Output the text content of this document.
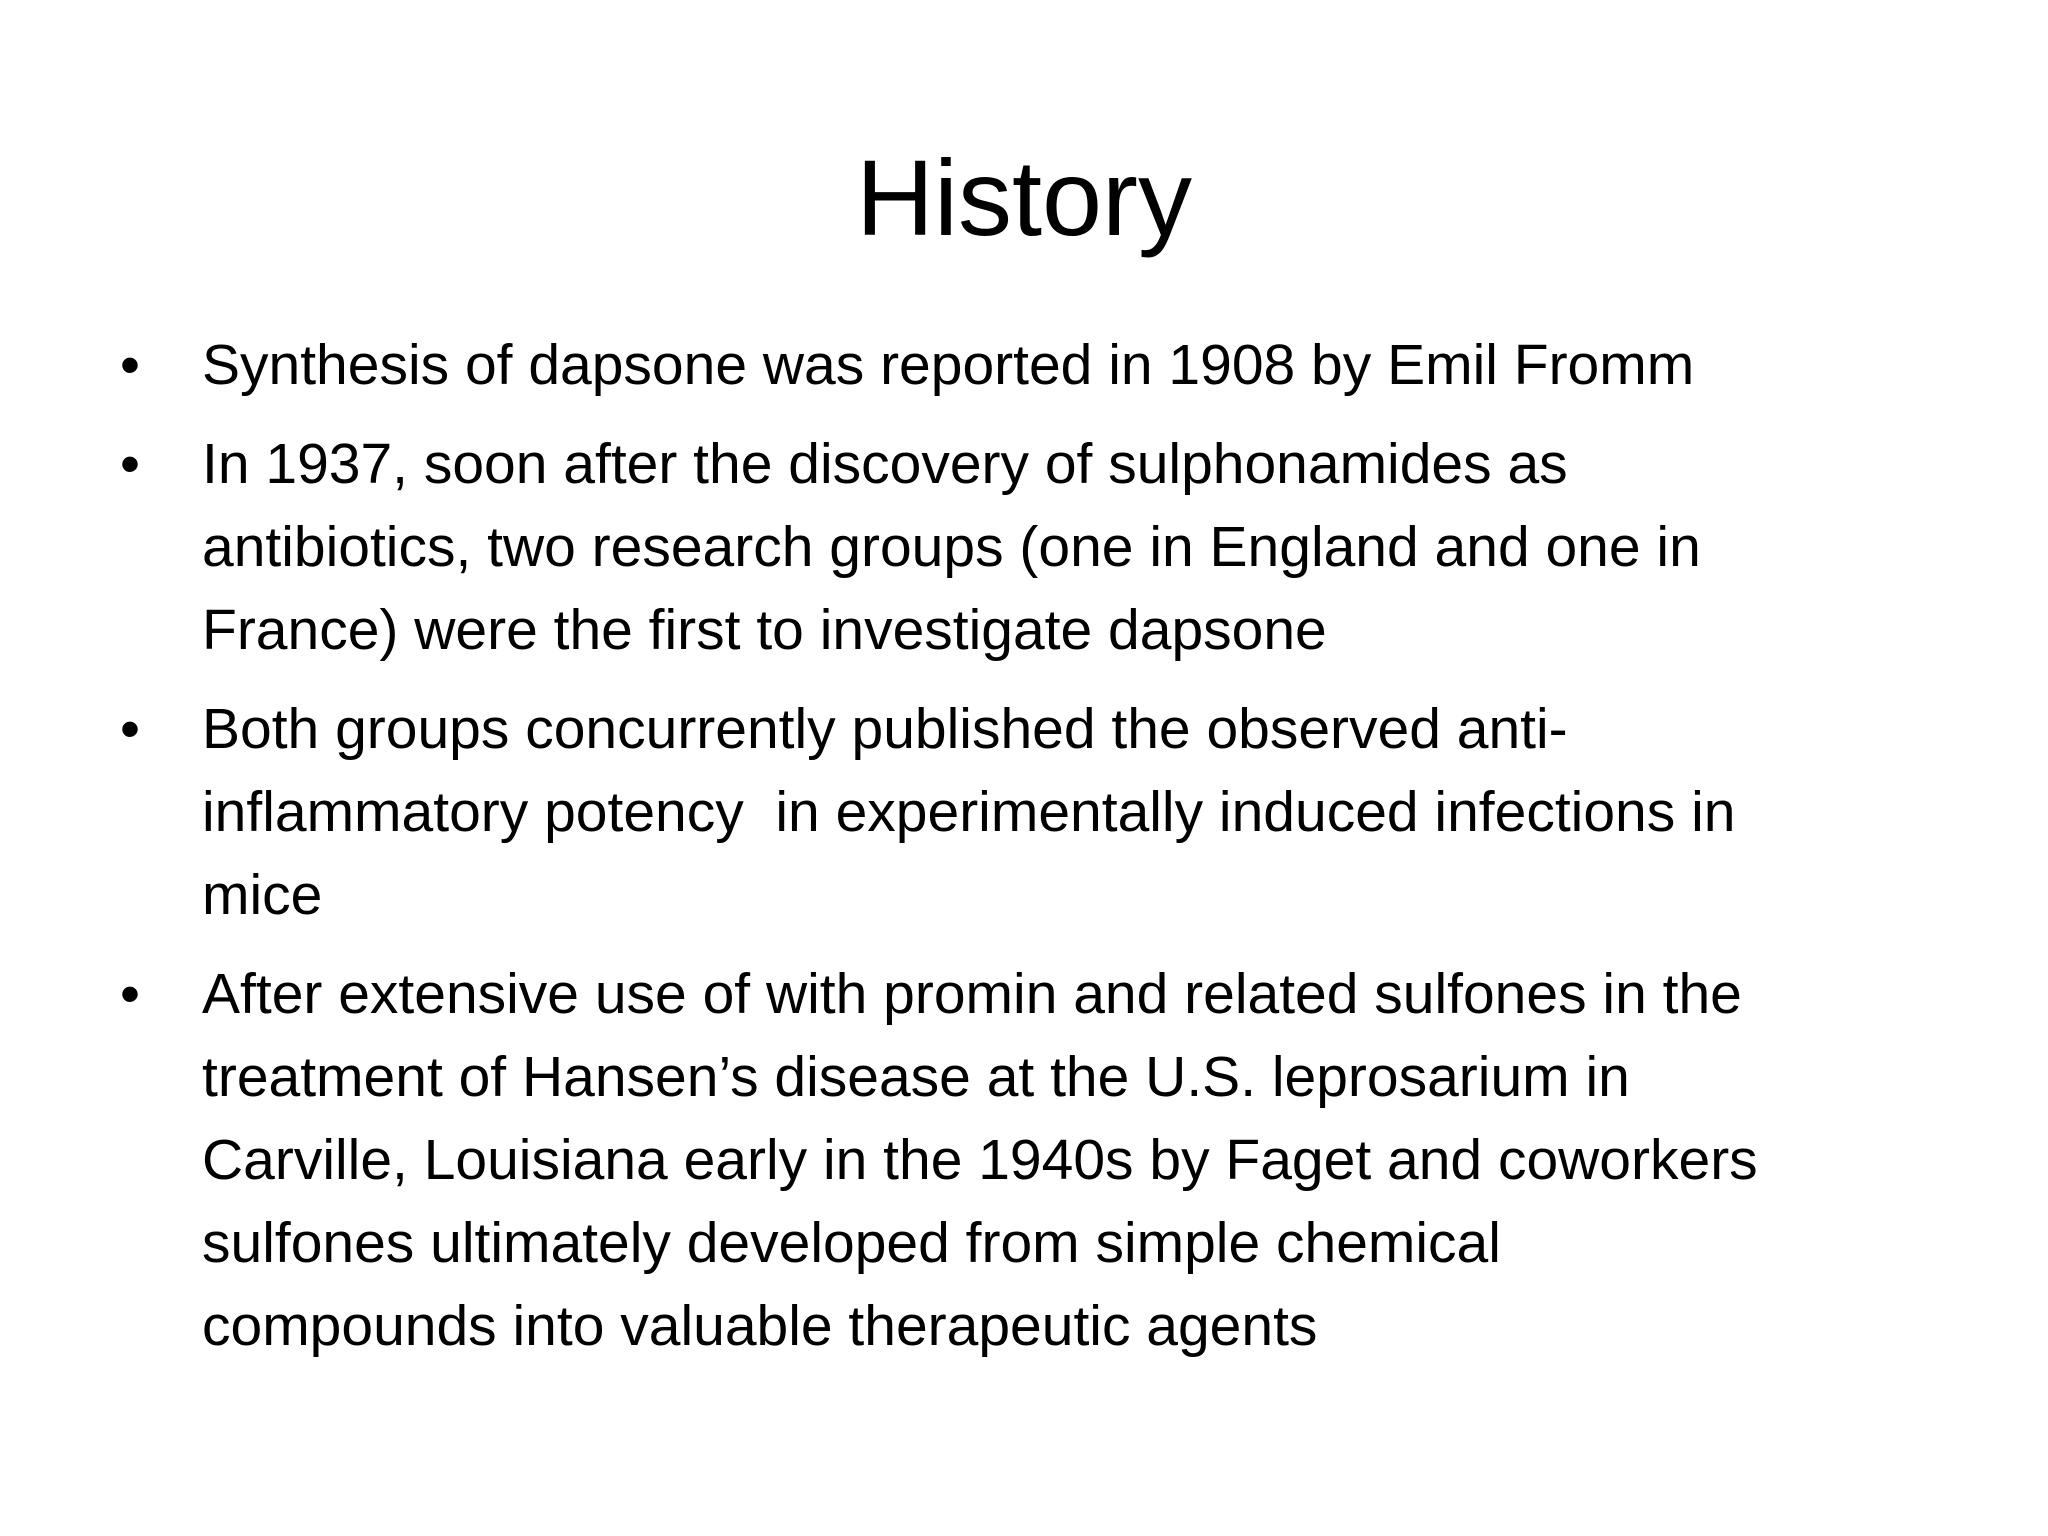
History
•	Synthesis of dapsone was reported in 1908 by Emil Fromm
•	In 1937, soon after the discovery of sulphonamides as
antibiotics, two research groups (one in England and one in
France) were the first to investigate dapsone
•	Both groups concurrently published the observed anti-
inflammatory potency  in experimentally induced infections in
mice
•	After extensive use of with promin and related sulfones in the
treatment of Hansen’s disease at the U.S. leprosarium in
Carville, Louisiana early in the 1940s by Faget and coworkers
sulfones ultimately developed from simple chemical
compounds into valuable therapeutic agents
